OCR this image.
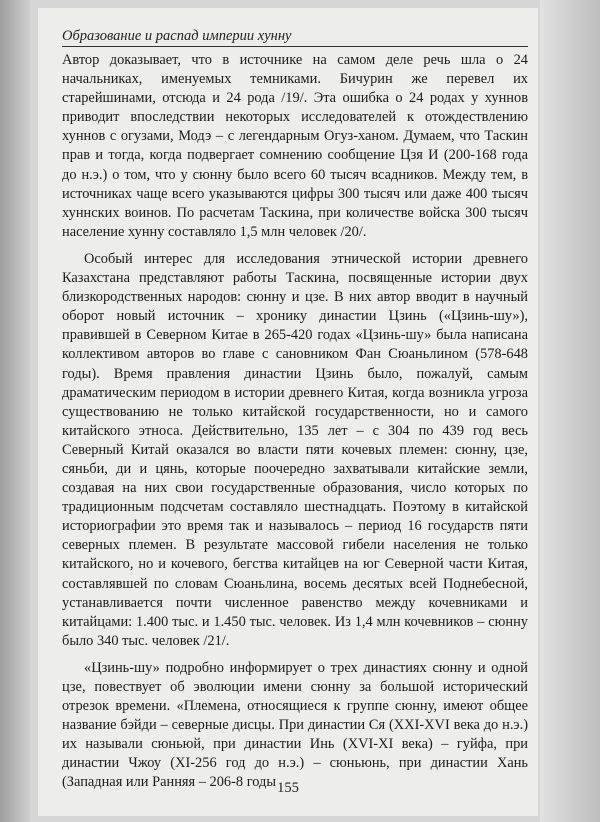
Образование и распад империи хунну

Автор доказывает, что в источнике на самом деле речь шла о 24 начальниках, именуемых темниками. Бичурин же перевел их старейшинами, отсюда и 24 рода /19/. Эта ошибка о 24 родах у хуннов приводит впоследствии некоторых исследователей к отождествлению хуннов с огузами, Модэ – с легендарным Огуз-ханом. Думаем, что Таскин прав и тогда, когда подвергает сомнению сообщение Цзя И (200-168 года до н.э.) о том, что у сюнну было всего 60 тысяч всадников. Между тем, в источниках чаще всего указываются цифры 300 тысяч или даже 400 тысяч хуннских воинов. По расчетам Таскина, при количестве войска 300 тысяч население хунну составляло 1,5 млн человек /20/.

Особый интерес для исследования этнической истории древнего Казахстана представляют работы Таскина, посвященные истории двух близкородственных народов: сюнну и цзе. В них автор вводит в научный оборот новый источник – хронику династии Цзинь («Цзинь-шу»), правившей в Северном Китае в 265-420 годах «Цзинь-шу» была написана коллективом авторов во главе с сановником Фан Сюаньлином (578-648 годы). Время правления династии Цзинь было, пожалуй, самым драматическим периодом в истории древнего Китая, когда возникла угроза существованию не только китайской государственности, но и самого китайского этноса. Действительно, 135 лет – с 304 по 439 год весь Северный Китай оказался во власти пяти кочевых племен: сюнну, цзе, сяньби, ди и цянь, которые поочередно захватывали китайские земли, создавая на них свои государственные образования, число которых по традиционным подсчетам составляло шестнадцать. Поэтому в китайской историографии это время так и называлось – период 16 государств пяти северных племен. В результате массовой гибели населения не только китайского, но и кочевого, бегства китайцев на юг Северной части Китая, составлявшей по словам Сюаньлина, восемь десятых всей Поднебесной, устанавливается почти численное равенство между кочевниками и китайцами: 1.400 тыс. и 1.450 тыс. человек. Из 1,4 млн кочевников – сюнну было 340 тыс. человек /21/.

«Цзинь-шу» подробно информирует о трех династиях сюнну и одной цзе, повествует об эволюции имени сюнну за большой исторический отрезок времени. «Племена, относящиеся к группе сюнну, имеют общее название бэйди – северные дисцы. При династии Ся (XXI-XVI века до н.э.) их называли сюньюй, при династии Инь (XVI-XI века) – гуйфа, при династии Чжоу (XI-256 год до н.э.) – сюньюнь, при династии Хань (Западная или Ранняя – 206-8 годы 155
